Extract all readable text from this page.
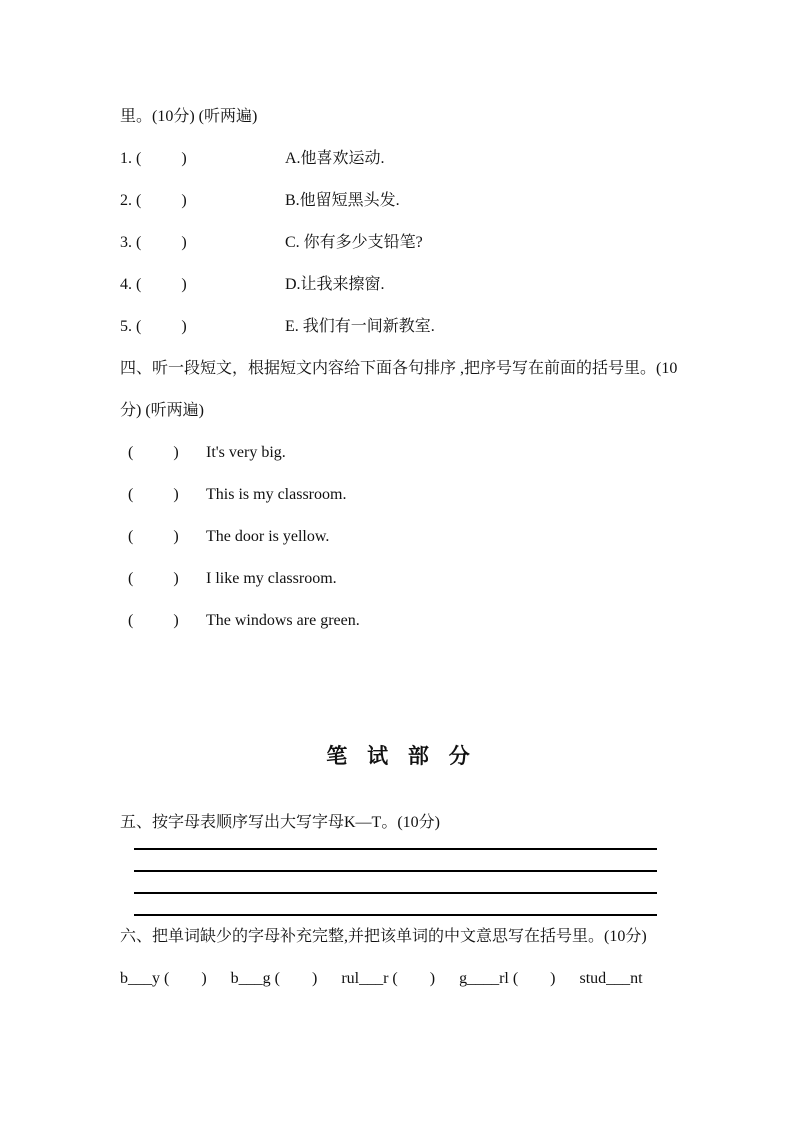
里。(10分) (听两遍)

1. (          )	A.他喜欢运动.
2. (          )	B.他留短黑头发.
3. (          )	C. 你有多少支铅笔?
4. (          )	D.让我来擦窗.
5. (          )	E. 我们有一间新教室.

四、听一段短文，根据短文内容给下面各句排序 ,把序号写在前面的括号里。(10分) (听两遍)

(          )	It's very big.
(          )	This is my classroom.
(          )	The door is yellow.
(          )	I like my classroom.
(          )	The windows are green.
笔 试 部 分

五、按字母表顺序写出大写字母K—T。(10分)

六、把单词缺少的字母补充完整,并把该单词的中文意思写在括号里。(10分)

b___y (        )      b___g (        )      rul___r (        )      g____rl (        )      stud___nt
